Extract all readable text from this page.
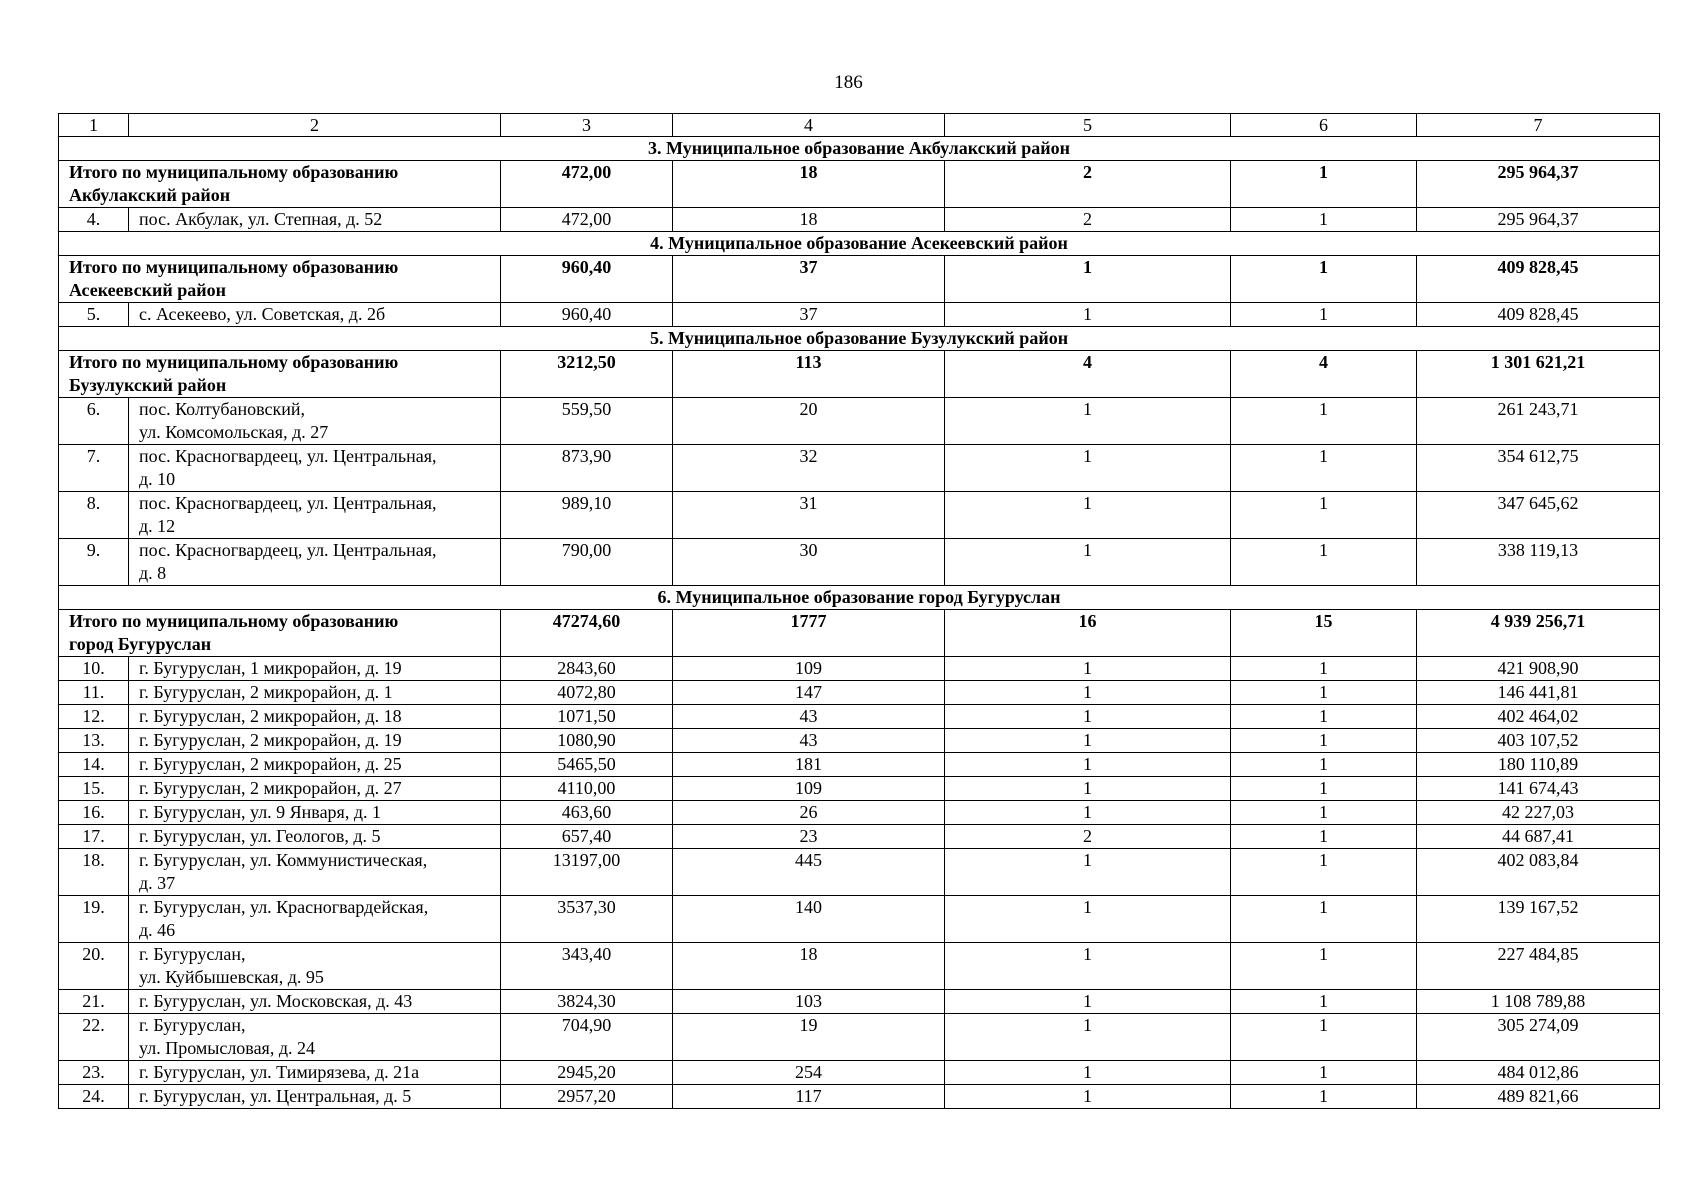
186
1	2	3	4	5	6	7
3. Муниципальное образование Акбулакский район						
Итого по муниципальному образованию
Акбулакский район		472,00	18	2	1	295 964,37
4.	пос. Акбулак, ул. Степная, д. 52	472,00	18	2	1	295 964,37
4. Муниципальное образование Асекеевский район						
Итого по муниципальному образованию
Асекеевский район		960,40	37	1	1	409 828,45
5.	с. Асекеево, ул. Советская, д. 2б	960,40	37	1	1	409 828,45
5. Муниципальное образование Бузулукский район						
Итого по муниципальному образованию
Бузулукский район		3212,50	113	4	4	1 301 621,21
6.	пос. Колтубановский,
ул. Комсомольская, д. 27	559,50	20	1	1	261 243,71
7.	пос. Красногвардеец, ул. Центральная,
д. 10	873,90	32	1	1	354 612,75
8.	пос. Красногвардеец, ул. Центральная,
д. 12	989,10	31	1	1	347 645,62
9.	пос. Красногвардеец, ул. Центральная,
д. 8	790,00	30	1	1	338 119,13
6. Муниципальное образование город Бугуруслан						
Итого по муниципальному образованию
город Бугуруслан		47274,60	1777	16	15	4 939 256,71
10.	г. Бугуруслан, 1 микрорайон, д. 19	2843,60	109	1	1	421 908,90
11.	г. Бугуруслан, 2 микрорайон, д. 1	4072,80	147	1	1	146 441,81
12.	г. Бугуруслан, 2 микрорайон, д. 18	1071,50	43	1	1	402 464,02
13.	г. Бугуруслан, 2 микрорайон, д. 19	1080,90	43	1	1	403 107,52
14.	г. Бугуруслан, 2 микрорайон, д. 25	5465,50	181	1	1	180 110,89
15.	г. Бугуруслан, 2 микрорайон, д. 27	4110,00	109	1	1	141 674,43
16.	г. Бугуруслан, ул. 9 Января, д. 1	463,60	26	1	1	42 227,03
17.	г. Бугуруслан, ул. Геологов, д. 5	657,40	23	2	1	44 687,41
18.	г. Бугуруслан, ул. Коммунистическая,
д. 37	13197,00	445	1	1	402 083,84
19.	г. Бугуруслан, ул. Красногвардейская,
д. 46	3537,30	140	1	1	139 167,52
20.	г. Бугуруслан,
ул. Куйбышевская, д. 95	343,40	18	1	1	227 484,85
21.	г. Бугуруслан, ул. Московская, д. 43	3824,30	103	1	1	1 108 789,88
22.	г. Бугуруслан,
ул. Промысловая, д. 24	704,90	19	1	1	305 274,09
23.	г. Бугуруслан, ул. Тимирязева, д. 21а	2945,20	254	1	1	484 012,86
24.	г. Бугуруслан, ул. Центральная, д. 5	2957,20	117	1	1	489 821,66
